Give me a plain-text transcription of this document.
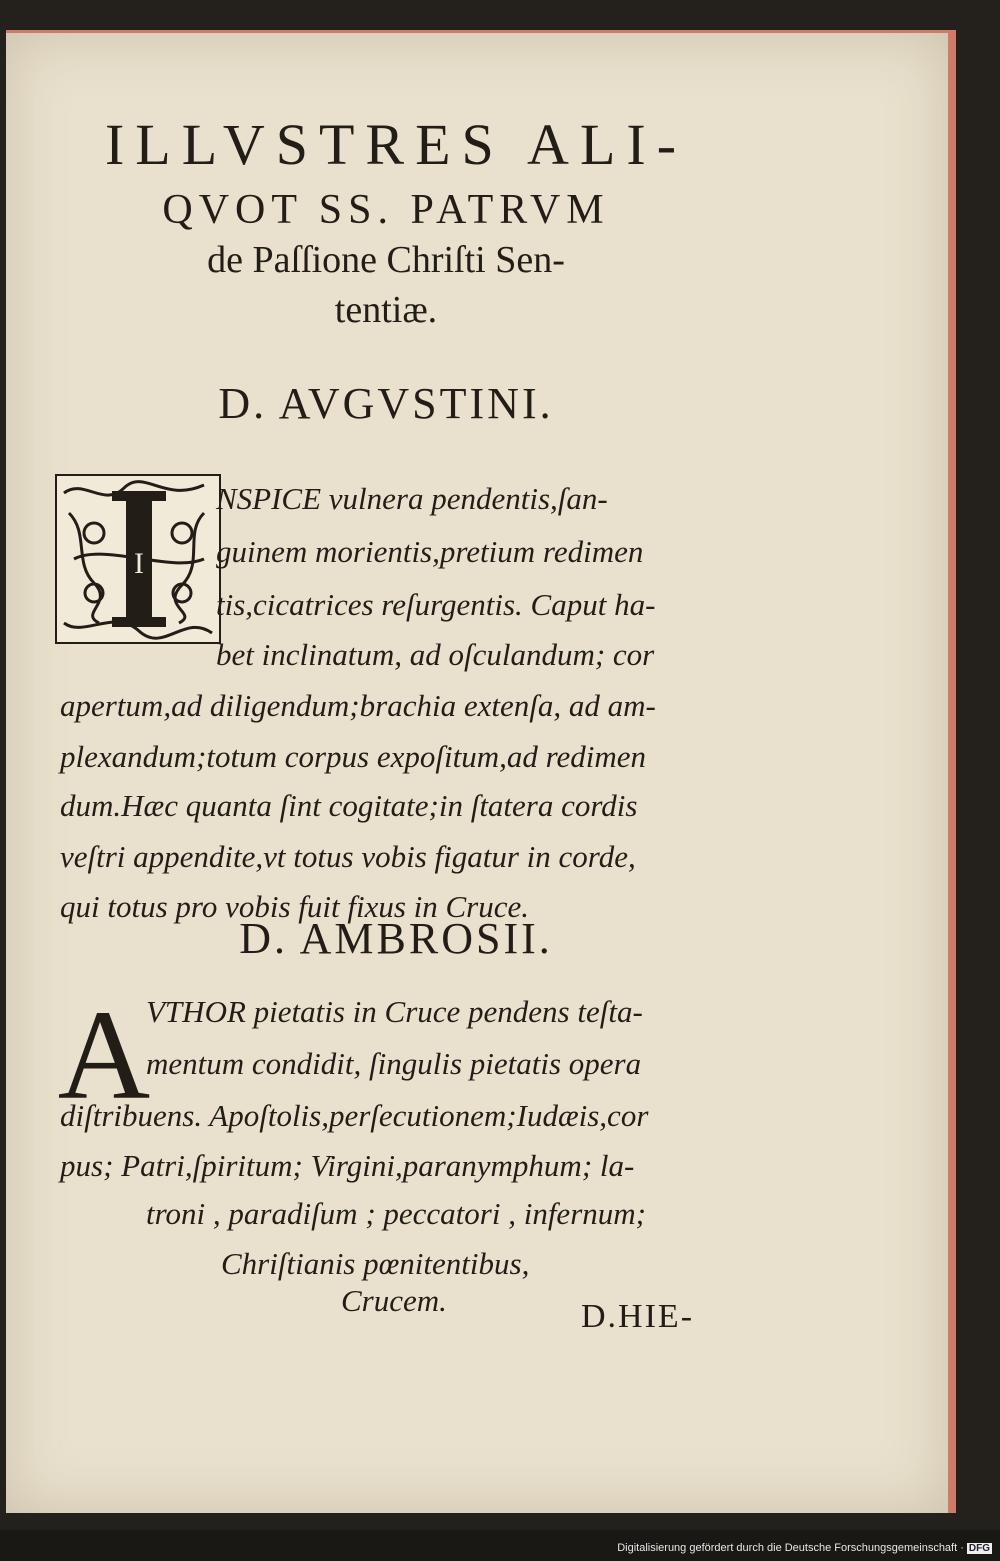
ILLVSTRES ALI-
QVOT SS. PATRVM
de Paſſione Chriſti Sen-
tentiæ.
D. AVGVSTINI.
I

NSPICE vulnera pendentis,ſan-

guinem morientis,pretium redimen

tis,cicatrices reſurgentis. Caput ha-

bet inclinatum, ad oſculandum; cor

apertum,ad diligendum;brachia extenſa, ad am-

plexandum;totum corpus expoſitum,ad redimen

dum.Hæc quanta ſint cogitate;in ſtatera cordis

veſtri appendite,vt totus vobis figatur in corde,

qui totus pro vobis fuit fixus in Cruce.

D. AMBROSII.
A

VTHOR pietatis in Cruce pendens teſta-

mentum condidit, ſingulis pietatis opera

diſtribuens. Apoſtolis,perſecutionem;Iudæis,cor

pus; Patri,ſpiritum; Virgini,paranymphum; la-

troni , paradiſum ; peccatori , infernum;

Chriſtianis pœnitentibus,

Crucem.	D.HIE-

Digitalisierung gefördert durch die Deutsche Forschungsgemeinschaft · DFG
